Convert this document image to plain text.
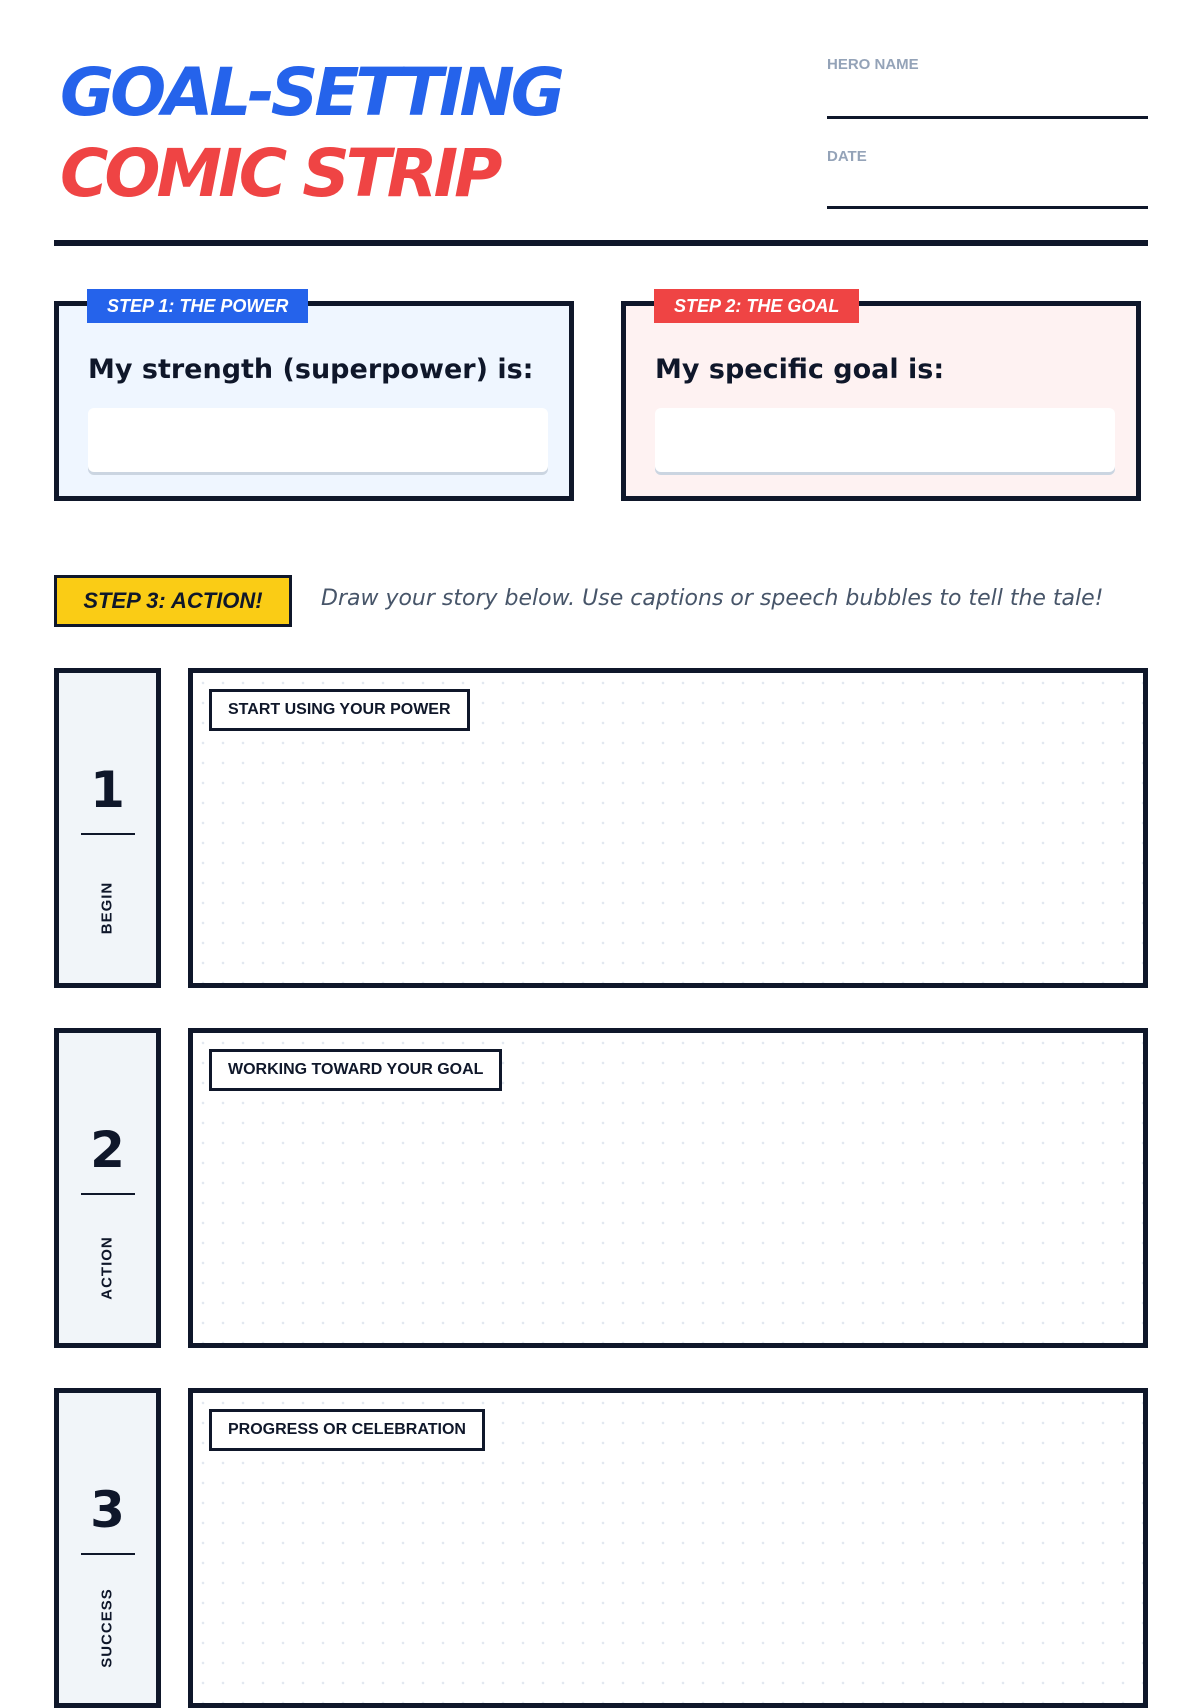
GOAL-SETTING
COMIC STRIP
HERO NAME
DATE
STEP 1: THE POWER
My strength (superpower) is:
STEP 2: THE GOAL
My specific goal is:
STEP 3: ACTION!	Draw your story below. Use captions or speech bubbles to tell the tale!
1
BEGIN
START USING YOUR POWER
2
ACTION
WORKING TOWARD YOUR GOAL
3
SUCCESS
PROGRESS OR CELEBRATION
